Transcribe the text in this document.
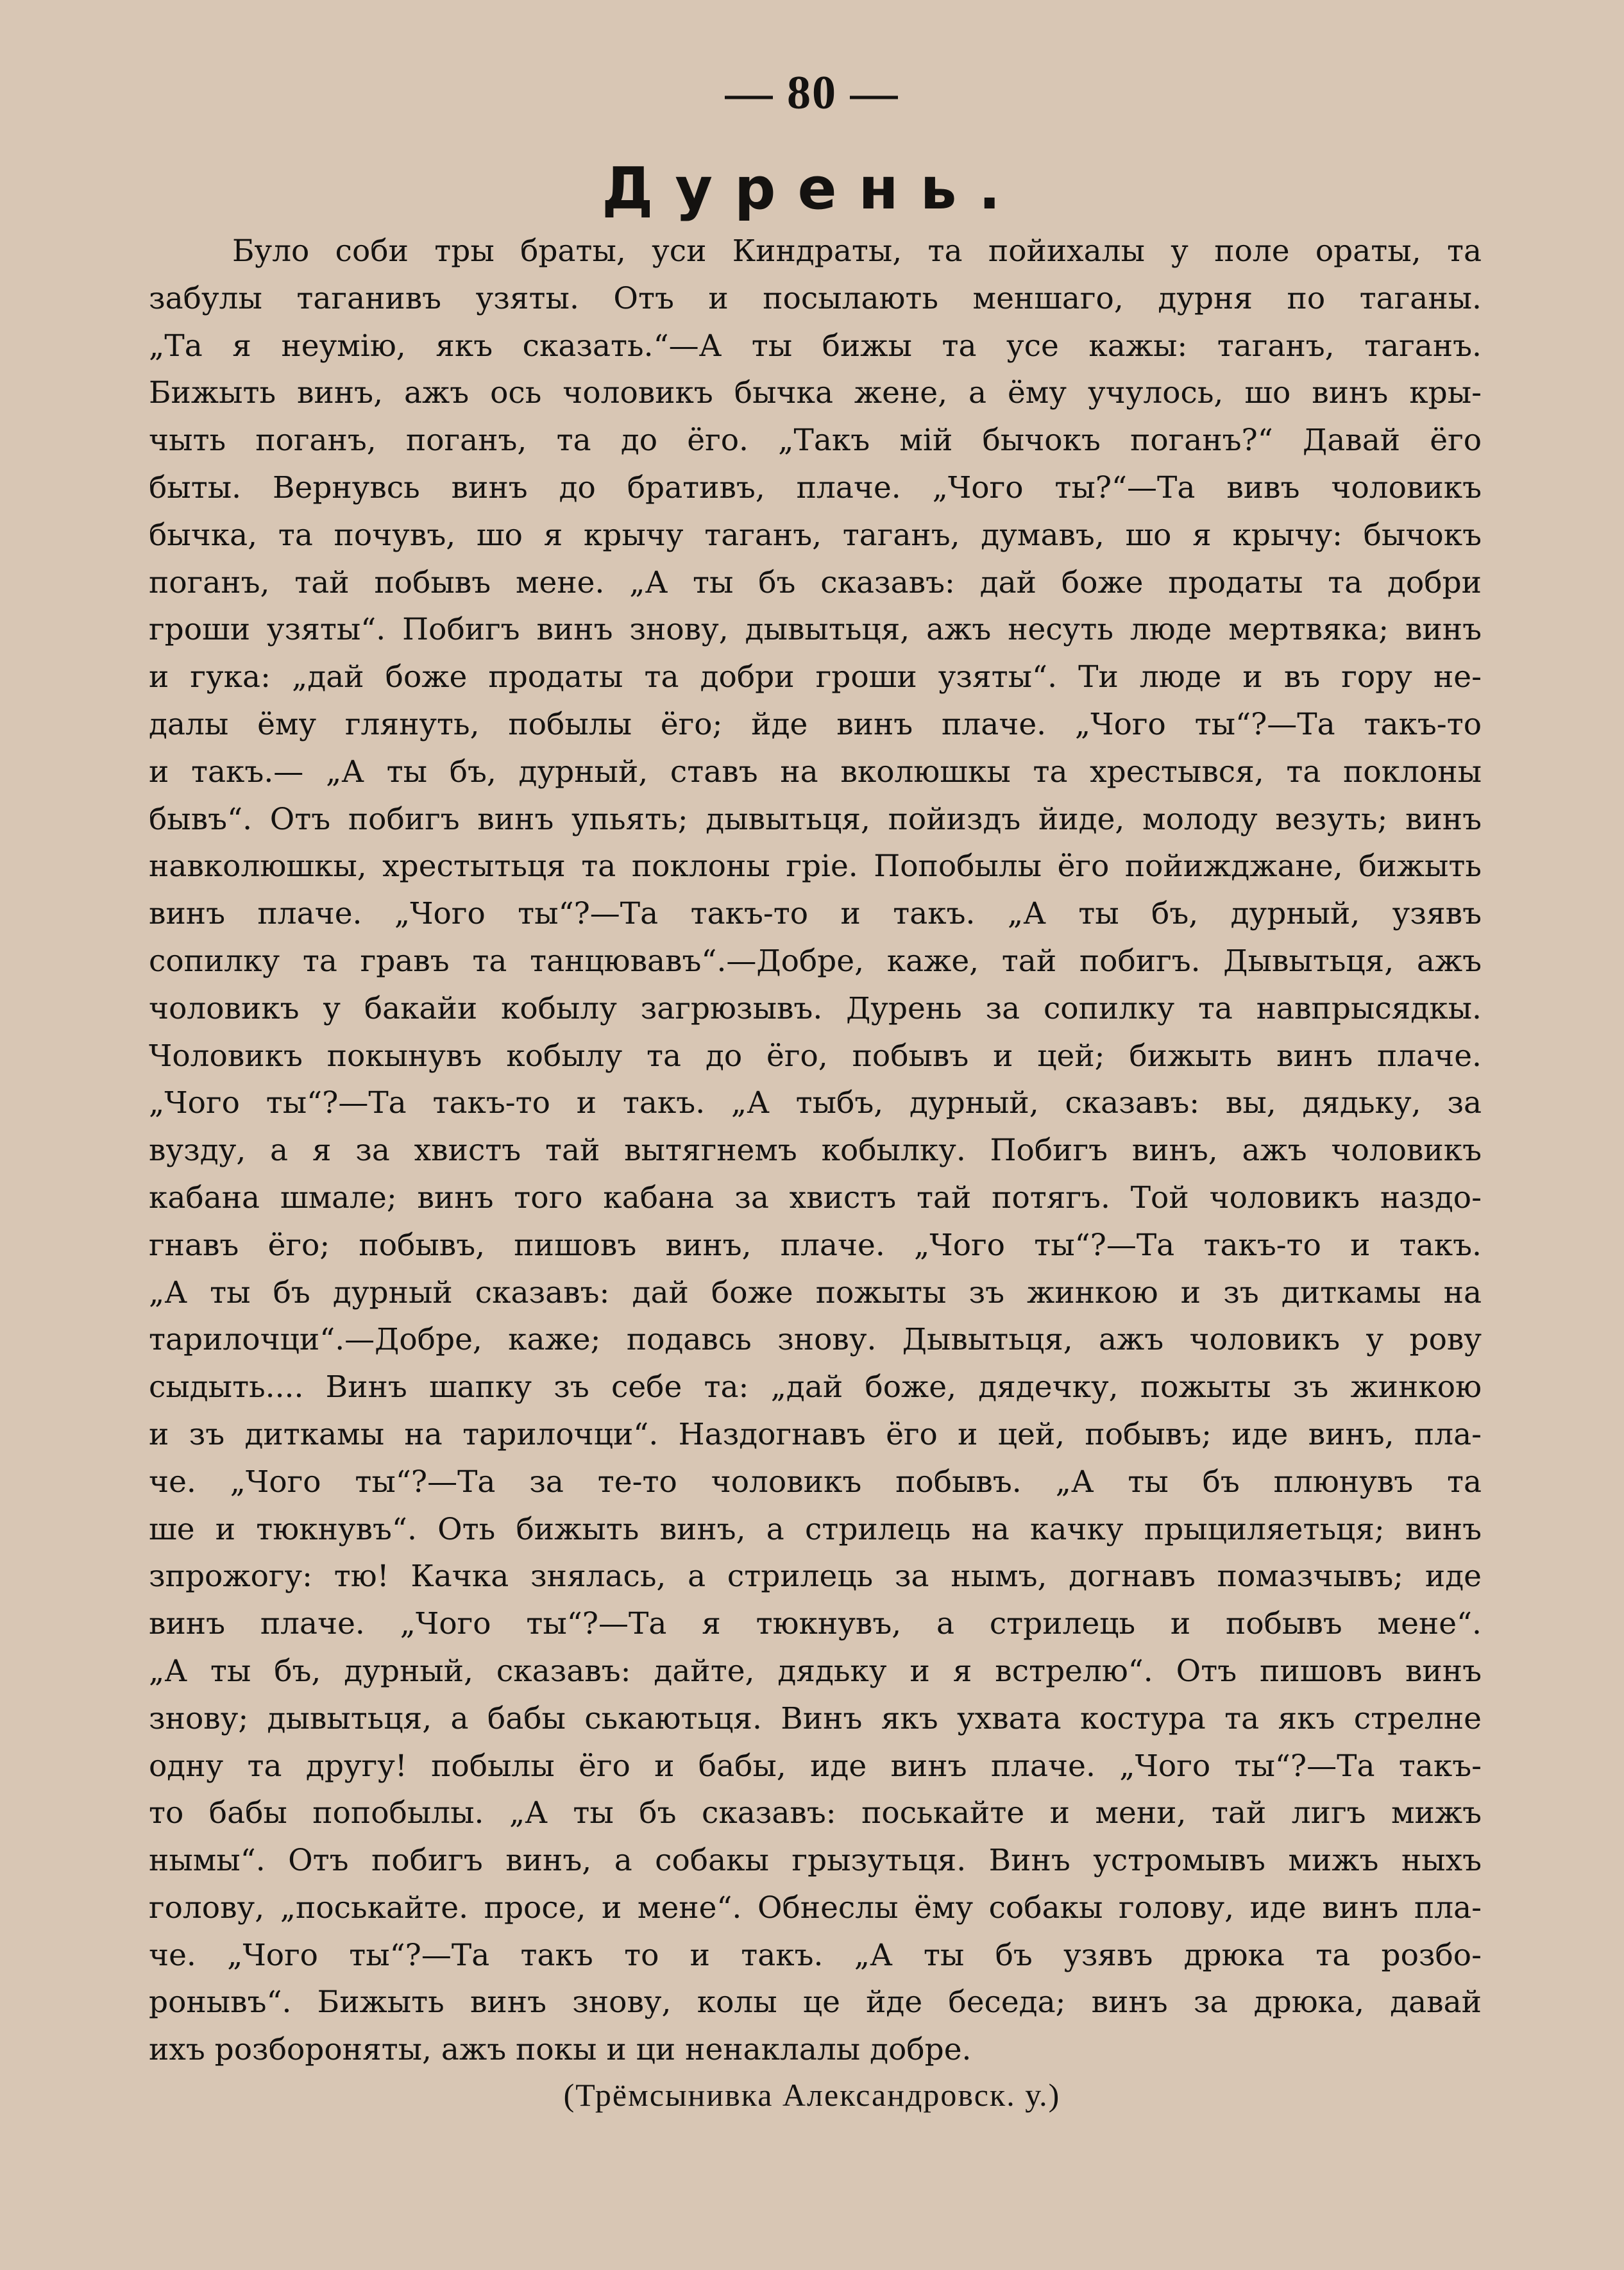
— 80 —
Дурень.
Було соби тры браты, уси Киндраты, та пойихалы у поле ораты, та
забулы таганивъ узяты. Отъ и посылають меншаго, дурня по таганы.
„Та я неумію, якъ сказать.“—А ты бижы та усе кажы: таганъ, таганъ.
Бижыть винъ, ажъ ось чоловикъ бычка жене, а ёму учулось, шо винъ кры-
чыть поганъ, поганъ, та до ёго. „Такъ мій бычокъ поганъ?“ Давай ёго
быты. Вернувсь винъ до бративъ, плаче. „Чого ты?“—Та вивъ чоловикъ
бычка, та почувъ, шо я крычу таганъ, таганъ, думавъ, шо я крычу: бычокъ
поганъ, тай побывъ мене. „А ты бъ сказавъ: дай боже продаты та добри
гроши узяты“. Побигъ винъ знову, дывытьця, ажъ несуть люде мертвяка; винъ
и гука: „дай боже продаты та добри гроши узяты“. Ти люде и въ гору не-
далы ёму глянуть, побылы ёго; йде винъ плаче. „Чого ты“?—Та такъ-то
и такъ.— „А ты бъ, дурный, ставъ на вколюшкы та хрестывся, та поклоны
бывъ“. Отъ побигъ винъ упьять; дывытьця, пойиздъ йиде, молоду везуть; винъ
навколюшкы, хрестытьця та поклоны гріе. Попобылы ёго пойижджане, бижыть
винъ плаче. „Чого ты“?—Та такъ-то и такъ. „А ты бъ, дурный, узявъ
сопилку та гравъ та танцювавъ“.—Добре, каже, тай побигъ. Дывытьця, ажъ
чоловикъ у бакайи кобылу загрюзывъ. Дурень за сопилку та навпрысядкы.
Чоловикъ покынувъ кобылу та до ёго, побывъ и цей; бижыть винъ плаче.
„Чого ты“?—Та такъ-то и такъ. „А тыбъ, дурный, сказавъ: вы, дядьку, за
вузду, а я за хвистъ тай вытягнемъ кобылку. Побигъ винъ, ажъ чоловикъ
кабана шмале; винъ того кабана за хвистъ тай потягъ. Той чоловикъ наздо-
гнавъ ёго; побывъ, пишовъ винъ, плаче. „Чого ты“?—Та такъ-то и такъ.
„А ты бъ дурный сказавъ: дай боже пожыты зъ жинкою и зъ диткамы на
тарилочци“.—Добре, каже; подавсь знову. Дывытьця, ажъ чоловикъ у рову
сыдыть.... Винъ шапку зъ себе та: „дай боже, дядечку, пожыты зъ жинкою
и зъ диткамы на тарилочци“. Наздогнавъ ёго и цей, побывъ; иде винъ, пла-
че. „Чого ты“?—Та за те-то чоловикъ побывъ. „А ты бъ плюнувъ та
ше и тюкнувъ“. Оть бижыть винъ, а стрилець на качку прыциляетьця; винъ
зпрожогу: тю! Качка знялась, а стрилець за нымъ, догнавъ помазчывъ; иде
винъ плаче. „Чого ты“?—Та я тюкнувъ, а стрилець и побывъ мене“.
„А ты бъ, дурный, сказавъ: дайте, дядьку и я встрелю“. Отъ пишовъ винъ
знову; дывытьця, а бабы ськаютьця. Винъ якъ ухвата костура та якъ стрелне
одну та другу! побылы ёго и бабы, иде винъ плаче. „Чого ты“?—Та такъ-
то бабы попобылы. „А ты бъ сказавъ: поськайте и мени, тай лигъ мижъ
нымы“. Отъ побигъ винъ, а собакы грызутьця. Винъ устромывъ мижъ ныхъ
голову, „поськайте. просе, и мене“. Обнеслы ёму собакы голову, иде винъ пла-
че. „Чого ты“?—Та такъ то и такъ. „А ты бъ узявъ дрюка та розбо-
ронывъ“. Бижыть винъ знову, колы це йде беседа; винъ за дрюка, давай
ихъ розбороняты, ажъ покы и ци ненаклалы добре.
(Трёмсынивка Александровск. у.)
